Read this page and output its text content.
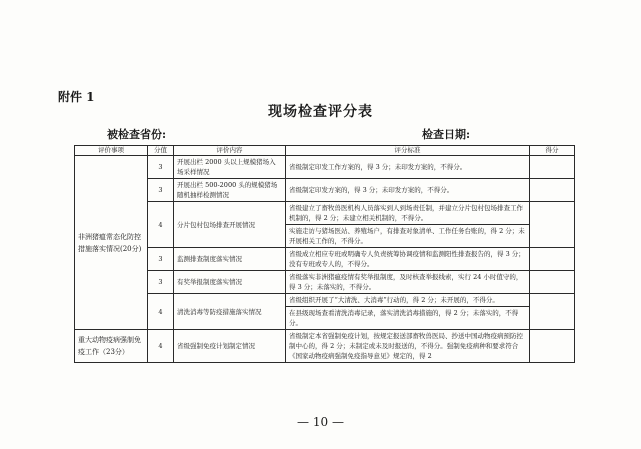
附件 1
现场检查评分表
被检查省份:	检查日期:
评价事项	分值	评价内容	评分标准	得分
非洲猪瘟常态化防控措施落实情况(20分)	3	开展出栏 2000 头以上规模猪场入场采样情况	省级制定印发工作方案的，得 3 分；未印发方案的，不得分。	
	3	开展出栏 500-2000 头的规模猪场随机抽样检测情况	省级制定印发方案的，得 3 分；未印发方案的，不得分。	
	4	分片包村包场排查开展情况	省级建立了畜牧兽医机构人员落实到人到场责任制，并建立分片包村包场排查工作机制的，得 2 分；未建立相关机制的，不得分。	
			实施走访与猪场医站、养殖场户，有排查对象清单、工作任务台账的，得 2 分；未开展相关工作的，不得分。	
	3	监测排查制度落实情况	省级成立相应专班或明确专人负责统筹协调疫情和监测阳性排查报告的，得 3 分；没有专班或专人的，不得分。	
	3	有奖举报制度落实情况	省级落实非洲猪瘟疫情有奖举报制度，及时核查举报线索，实行 24 小时值守的，得 3 分；未落实的，不得分。	
	4	清洗消毒等防疫措施落实情况	省级组织开展了“大清洗、大消毒”行动的，得 2 分；未开展的，不得分。	
			在县级现场查看清洗消毒记录，落实清洗消毒措施的，得 2 分；未落实的，不得分。	
重大动物疫病强制免疫工作（23分）	4	省级强制免疫计划制定情况	省级制定本省强制免疫计划，按规定报送部畜牧兽医局、抄送中国动物疫病预防控制中心的，得 2 分；未制定或未及时报送的，不得分。强制免疫病种和要求符合《国家动物疫病强制免疫指导意见》规定的，得 2	
— 10 —
